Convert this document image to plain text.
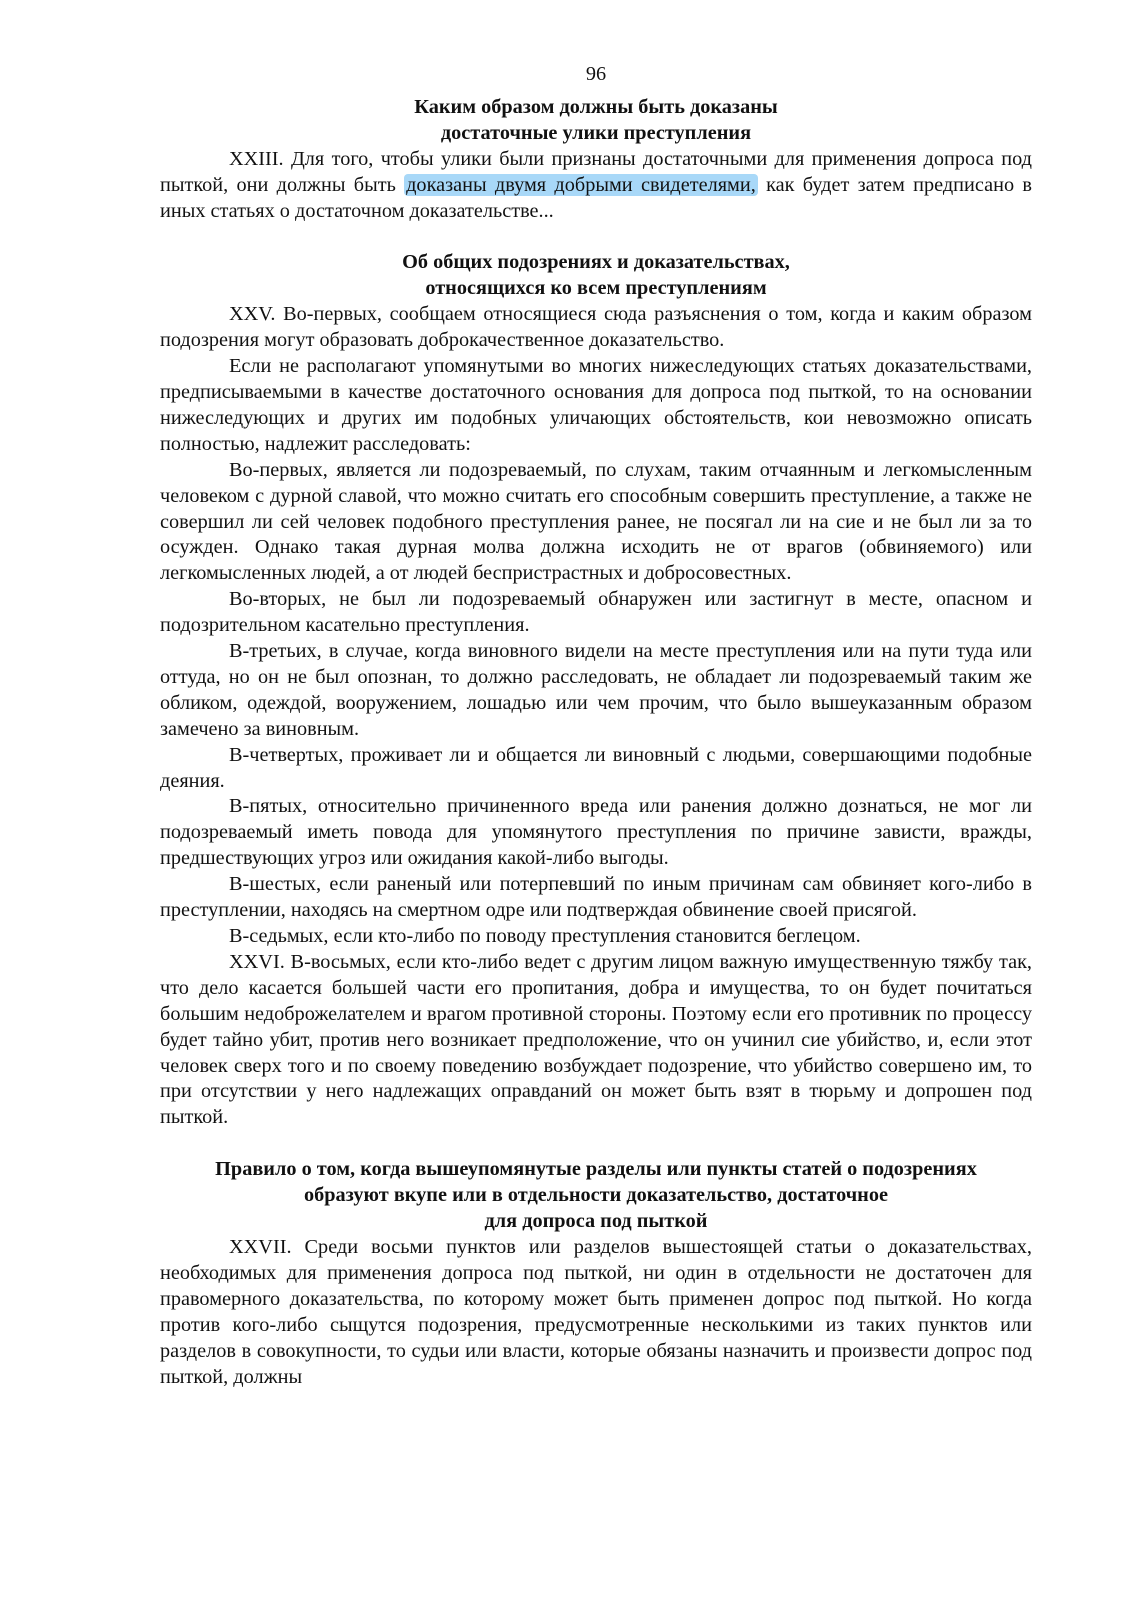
96
Каким образом должны быть доказаны
достаточные улики преступления

XXIII. Для того, чтобы улики были признаны достаточными для применения допроса под пыткой, они должны быть доказаны двумя добрыми свидетелями, как будет затем предписано в иных статьях о достаточном доказательстве...

Об общих подозрениях и доказательствах,
относящихся ко всем преступлениям

XXV. Во-первых, сообщаем относящиеся сюда разъяснения о том, когда и каким образом подозрения могут образовать доброкачественное доказательство.

Если не располагают упомянутыми во многих нижеследующих статьях доказательствами, предписываемыми в качестве достаточного основания для допроса под пыткой, то на основании нижеследующих и других им подобных уличающих обстоятельств, кои невозможно описать полностью, надлежит расследовать:

Во-первых, является ли подозреваемый, по слухам, таким отчаянным и легкомысленным человеком с дурной славой, что можно считать его способным совершить преступление, а также не совершил ли сей человек подобного преступления ранее, не посягал ли на сие и не был ли за то осужден. Однако такая дурная молва должна исходить не от врагов (обвиняемого) или легкомысленных людей, а от людей беспристрастных и добросовестных.

Во-вторых, не был ли подозреваемый обнаружен или застигнут в месте, опасном и подозрительном касательно преступления.

В-третьих, в случае, когда виновного видели на месте преступления или на пути туда или оттуда, но он не был опознан, то должно расследовать, не обладает ли подозреваемый таким же обликом, одеждой, вооружением, лошадью или чем прочим, что было вышеуказанным образом замечено за виновным.

В-четвертых, проживает ли и общается ли виновный с людьми, совершающими подобные деяния.

В-пятых, относительно причиненного вреда или ранения должно дознаться, не мог ли подозреваемый иметь повода для упомянутого преступления по причине зависти, вражды, предшествующих угроз или ожидания какой-либо выгоды.

В-шестых, если раненый или потерпевший по иным причинам сам обвиняет кого-либо в преступлении, находясь на смертном одре или подтверждая обвинение своей присягой.

В-седьмых, если кто-либо по поводу преступления становится беглецом.

XXVI. В-восьмых, если кто-либо ведет с другим лицом важную имущественную тяжбу так, что дело касается большей части его пропитания, добра и имущества, то он будет почитаться большим недоброжелателем и врагом противной стороны. Поэтому если его противник по процессу будет тайно убит, против него возникает предположение, что он учинил сие убийство, и, если этот человек сверх того и по своему поведению возбуждает подозрение, что убийство совершено им, то при отсутствии у него надлежащих оправданий он может быть взят в тюрьму и допрошен под пыткой.

Правило о том, когда вышеупомянутые разделы или пункты статей о подозрениях
образуют вкупе или в отдельности доказательство, достаточное
для допроса под пыткой

XXVII. Среди восьми пунктов или разделов вышестоящей статьи о доказательствах, необходимых для применения допроса под пыткой, ни один в отдельности не достаточен для правомерного доказательства, по которому может быть применен допрос под пыткой. Но когда против кого-либо сыщутся подозрения, предусмотренные несколькими из таких пунктов или разделов в совокупности, то судьи или власти, которые обязаны назначить и произвести допрос под пыткой, должны
